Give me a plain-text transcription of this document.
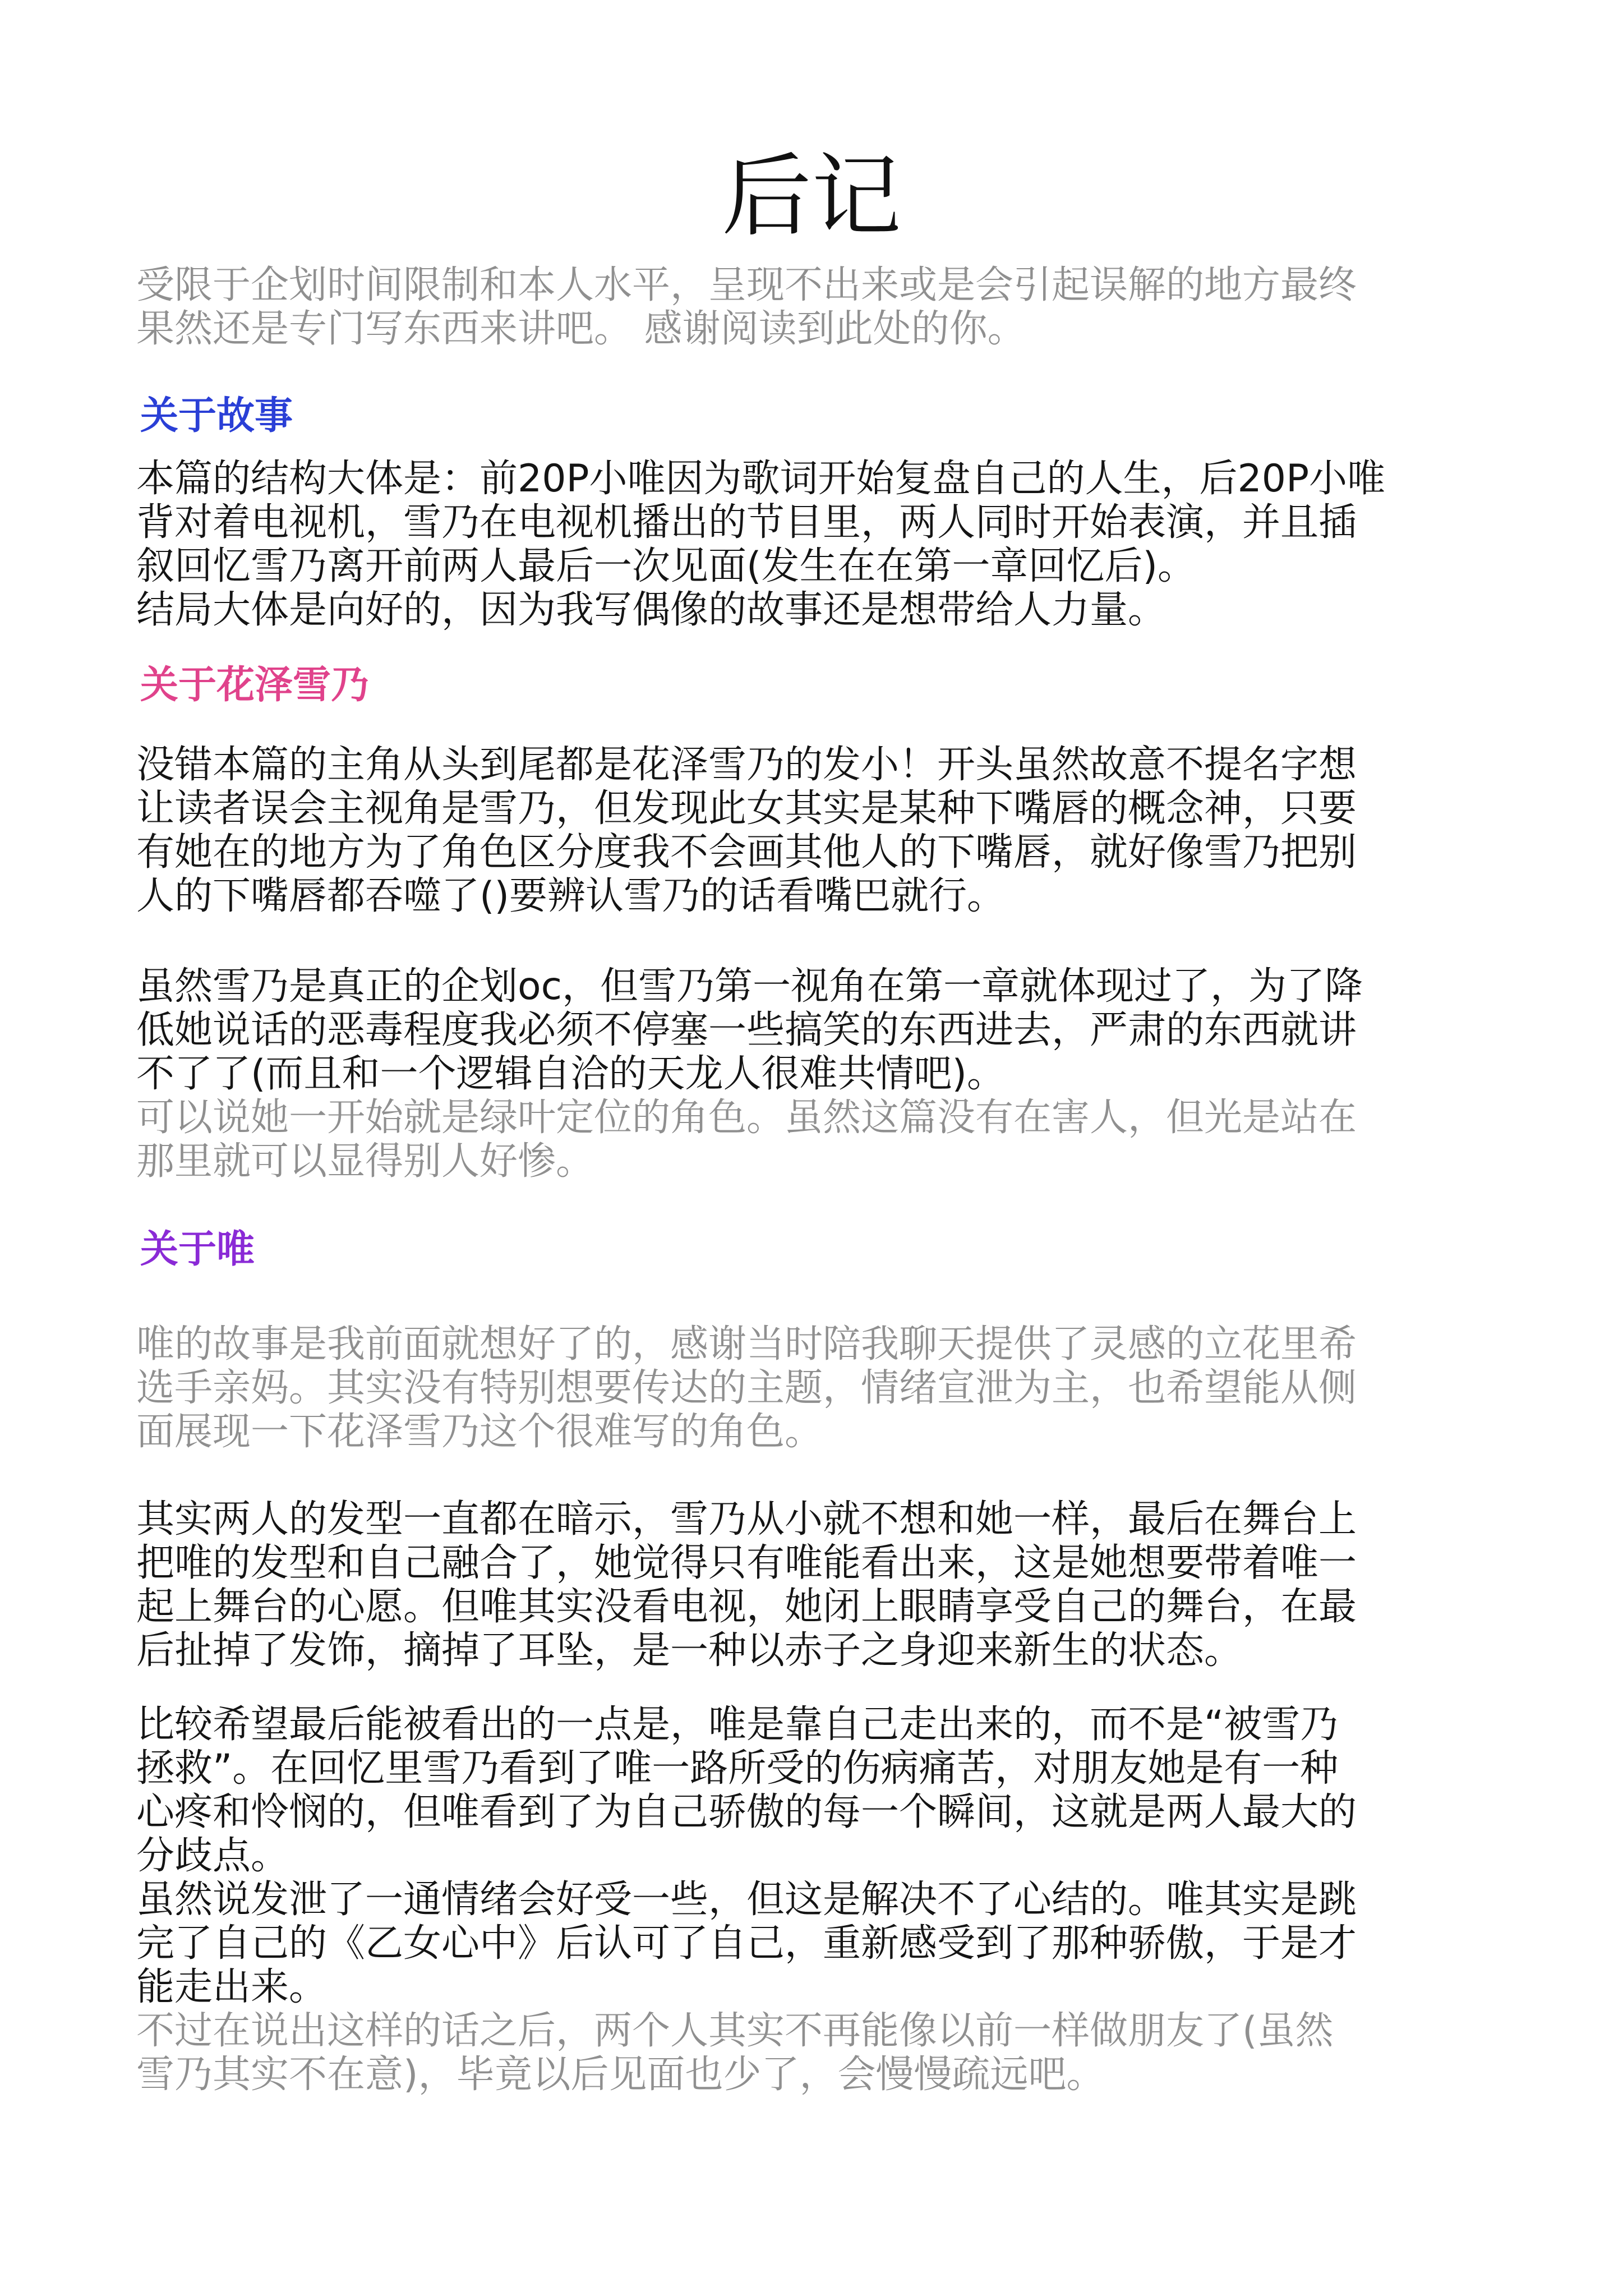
后记

受限于企划时间限制和本人水平，呈现不出来或是会引起误解的地方最终
果然还是专门写东西来讲吧。 感谢阅读到此处的你。

关于故事

本篇的结构大体是：前20P小唯因为歌词开始复盘自己的人生，后20P小唯
背对着电视机，雪乃在电视机播出的节目里，两人同时开始表演，并且插
叙回忆雪乃离开前两人最后一次见面(发生在在第一章回忆后)。
结局大体是向好的，因为我写偶像的故事还是想带给人力量。

关于花泽雪乃

没错本篇的主角从头到尾都是花泽雪乃的发小！开头虽然故意不提名字想
让读者误会主视角是雪乃，但发现此女其实是某种下嘴唇的概念神，只要
有她在的地方为了角色区分度我不会画其他人的下嘴唇，就好像雪乃把别
人的下嘴唇都吞噬了()要辨认雪乃的话看嘴巴就行。

虽然雪乃是真正的企划oc，但雪乃第一视角在第一章就体现过了，为了降
低她说话的恶毒程度我必须不停塞一些搞笑的东西进去，严肃的东西就讲
不了了(而且和一个逻辑自洽的天龙人很难共情吧)。

可以说她一开始就是绿叶定位的角色。虽然这篇没有在害人，但光是站在
那里就可以显得别人好惨。

关于唯

唯的故事是我前面就想好了的，感谢当时陪我聊天提供了灵感的立花里希
选手亲妈。其实没有特别想要传达的主题，情绪宣泄为主，也希望能从侧
面展现一下花泽雪乃这个很难写的角色。

其实两人的发型一直都在暗示，雪乃从小就不想和她一样，最后在舞台上
把唯的发型和自己融合了，她觉得只有唯能看出来，这是她想要带着唯一
起上舞台的心愿。但唯其实没看电视，她闭上眼睛享受自己的舞台，在最
后扯掉了发饰，摘掉了耳坠，是一种以赤子之身迎来新生的状态。

比较希望最后能被看出的一点是，唯是靠自己走出来的，而不是“被雪乃
拯救”。在回忆里雪乃看到了唯一路所受的伤病痛苦，对朋友她是有一种
心疼和怜悯的，但唯看到了为自己骄傲的每一个瞬间，这就是两人最大的
分歧点。
虽然说发泄了一通情绪会好受一些，但这是解决不了心结的。唯其实是跳
完了自己的《乙女心中》后认可了自己，重新感受到了那种骄傲，于是才
能走出来。

不过在说出这样的话之后，两个人其实不再能像以前一样做朋友了(虽然
雪乃其实不在意)，毕竟以后见面也少了，会慢慢疏远吧。
